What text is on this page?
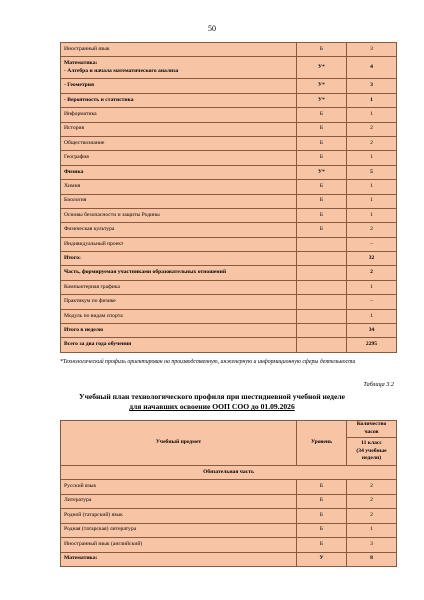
50
Иностранный язык	Б	3
Математика:
- Алгебра и начала математического анализа	У*	4
- Геометрия	У*	3
- Вероятность и статистика	У*	1
Информатика	Б	1
История	Б	2
Обществознание	Б	2
География	Б	1
Физика	У*	5
Химия	Б	1
Биология	Б	1
Основы безопасности и защиты Родины	Б	1
Физическая культура	Б	2
Индивидуальный проект		–
Итого:		32
Часть, формируемая участниками образовательных отношений		2
Компьютерная графика		1
Практикум по физике		–
Модуль по видам спорта		1
Итого в неделю		34
Всего за два года обучения		2295
*Технологический профиль ориентирован на производственную, инженерную и информационную сферы деятельности
Таблица 3.2
Учебный план технологического профиля при шестидневной учебной неделе
для начавших освоение ООП СОО до 01.09.2026
Учебный предмет	Уровень	Количество часов
		11 класс
(34 учебные недели)
Обязательная часть		
Русский язык	Б	2
Литература	Б	2
Родной (татарский) язык	Б	2
Родная (татарская) литература	Б	1
Иностранный язык (английский)	Б	3
Математика:	У	8
